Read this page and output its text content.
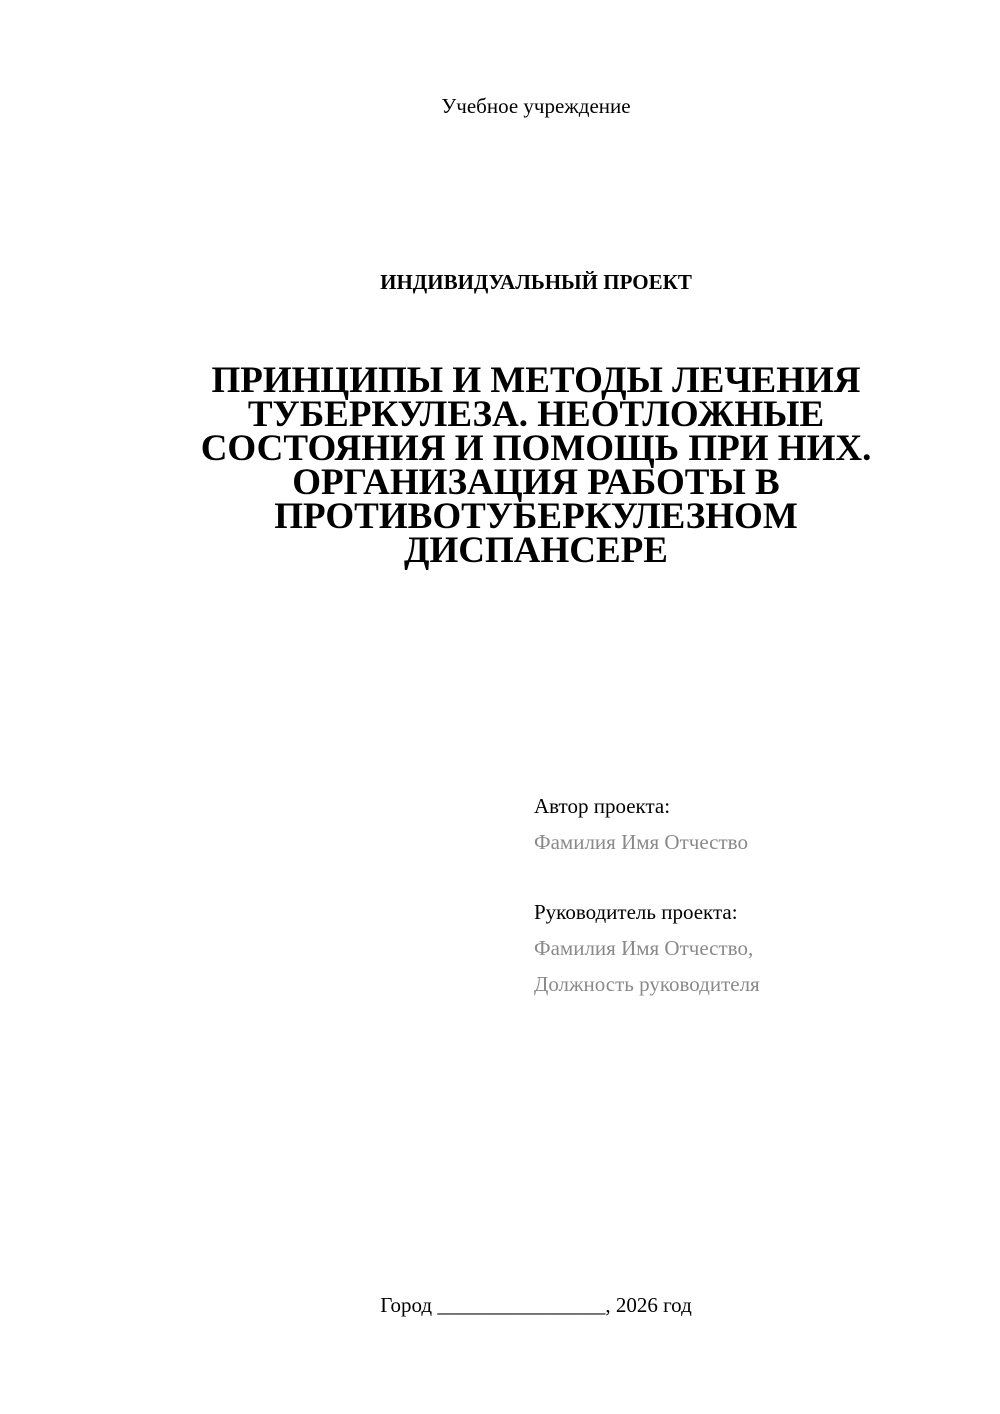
Учебное учреждение
ИНДИВИДУАЛЬНЫЙ ПРОЕКТ
ПРИНЦИПЫ И МЕТОДЫ ЛЕЧЕНИЯ
ТУБЕРКУЛЕЗА. НЕОТЛОЖНЫЕ
СОСТОЯНИЯ И ПОМОЩЬ ПРИ НИХ.
ОРГАНИЗАЦИЯ РАБОТЫ В
ПРОТИВОТУБЕРКУЛЕЗНОМ
ДИСПАНСЕРЕ
Автор проекта:
Фамилия Имя Отчество
Руководитель проекта:
Фамилия Имя Отчество,
Должность руководителя
Город ________________, 2026 год
